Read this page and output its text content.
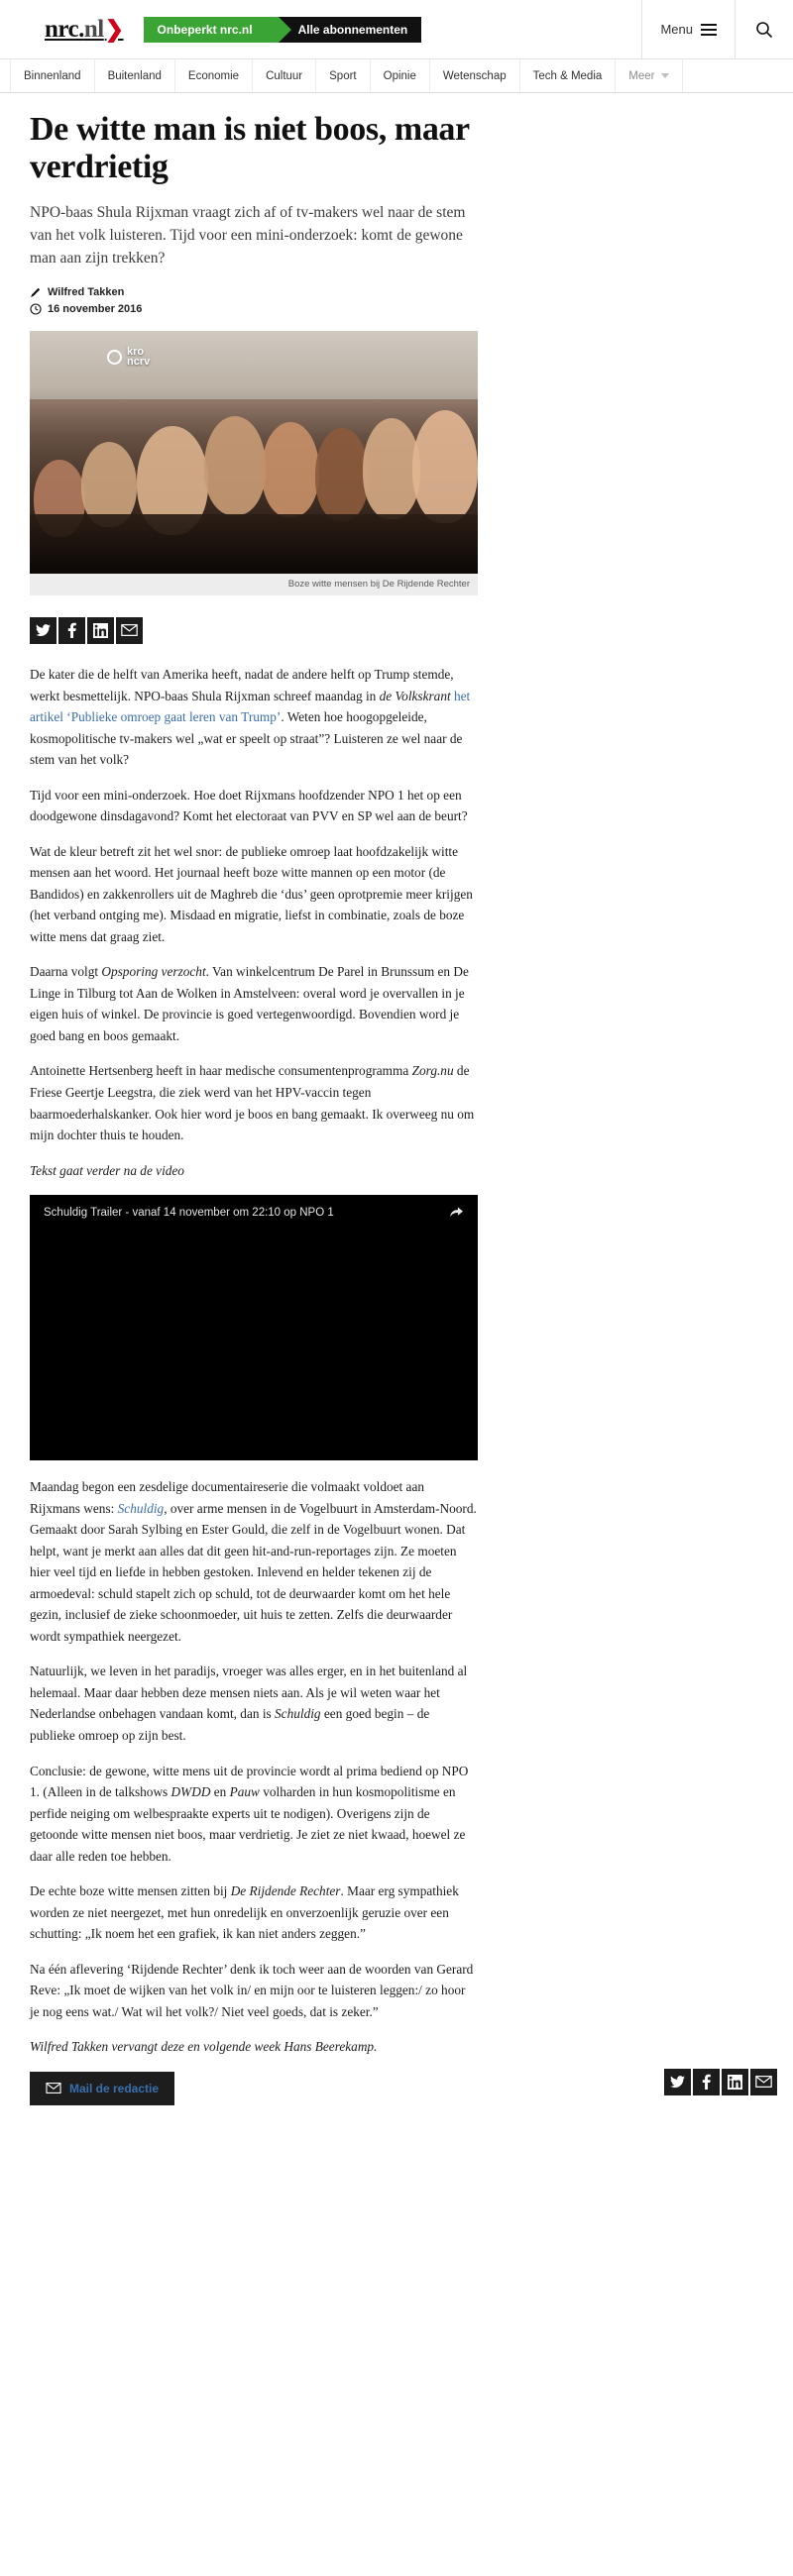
nrc. nl ❯	Onbeperkt nrc.nl	Alle abonnementen	Menu
Binnenland Buitenland Economie Cultuur Sport Opinie Wetenschap Tech & Media Meer
De witte man is niet boos, maar verdrietig

NPO-baas Shula Rijxman vraagt zich af of tv-makers wel naar de stem van het volk luisteren. Tijd voor een mini-onderzoek: komt de gewone man aan zijn trekken?

Wilfred Takken
16 november 2016
kro
ncrv
Boze witte mensen bij De Rijdende Rechter

De kater die de helft van Amerika heeft, nadat de andere helft op Trump stemde, werkt besmettelijk. NPO-baas Shula Rijxman schreef maandag in de Volkskrant het artikel ‘Publieke omroep gaat leren van Trump’. Weten hoe hoogopgeleide, kosmopolitische tv-makers wel „wat er speelt op straat”? Luisteren ze wel naar de stem van het volk?

Tijd voor een mini-onderzoek. Hoe doet Rijxmans hoofdzender NPO 1 het op een doodgewone dinsdagavond? Komt het electoraat van PVV en SP wel aan de beurt?

Wat de kleur betreft zit het wel snor: de publieke omroep laat hoofdzakelijk witte mensen aan het woord. Het journaal heeft boze witte mannen op een motor (de Bandidos) en zakkenrollers uit de Maghreb die ‘dus’ geen oprotpremie meer krijgen (het verband ontging me). Misdaad en migratie, liefst in combinatie, zoals de boze witte mens dat graag ziet.

Daarna volgt Opsporing verzocht. Van winkelcentrum De Parel in Brunssum en De Linge in Tilburg tot Aan de Wolken in Amstelveen: overal word je overvallen in je eigen huis of winkel. De provincie is goed vertegenwoordigd. Bovendien word je goed bang en boos gemaakt.

Antoinette Hertsenberg heeft in haar medische consumentenprogramma Zorg.nu de Friese Geertje Leegstra, die ziek werd van het HPV-vaccin tegen baarmoederhalskanker. Ook hier word je boos en bang gemaakt. Ik overweeg nu om mijn dochter thuis te houden.

Tekst gaat verder na de video

Schuldig Trailer - vanaf 14 november om 22:10 op NPO 1

Maandag begon een zesdelige documentaireserie die volmaakt voldoet aan Rijxmans wens: Schuldig, over arme mensen in de Vogelbuurt in Amsterdam-Noord. Gemaakt door Sarah Sylbing en Ester Gould, die zelf in de Vogelbuurt wonen. Dat helpt, want je merkt aan alles dat dit geen hit-and-run-reportages zijn. Ze moeten hier veel tijd en liefde in hebben gestoken. Inlevend en helder tekenen zij de armoedeval: schuld stapelt zich op schuld, tot de deurwaarder komt om het hele gezin, inclusief de zieke schoonmoeder, uit huis te zetten. Zelfs die deurwaarder wordt sympathiek neergezet.

Natuurlijk, we leven in het paradijs, vroeger was alles erger, en in het buitenland al helemaal. Maar daar hebben deze mensen niets aan. Als je wil weten waar het Nederlandse onbehagen vandaan komt, dan is Schuldig een goed begin – de publieke omroep op zijn best.

Conclusie: de gewone, witte mens uit de provincie wordt al prima bediend op NPO 1. (Alleen in de talkshows DWDD en Pauw volharden in hun kosmopolitisme en perfide neiging om welbespraakte experts uit te nodigen). Overigens zijn de getoonde witte mensen niet boos, maar verdrietig. Je ziet ze niet kwaad, hoewel ze daar alle reden toe hebben.

De echte boze witte mensen zitten bij De Rijdende Rechter. Maar erg sympathiek worden ze niet neergezet, met hun onredelijk en onverzoenlijk geruzie over een schutting: „Ik noem het een grafiek, ik kan niet anders zeggen.”

Na één aflevering ‘Rijdende Rechter’ denk ik toch weer aan de woorden van Gerard Reve: „Ik moet de wijken van het volk in/ en mijn oor te luisteren leggen:/ zo hoor je nog eens wat./ Wat wil het volk?/ Niet veel goeds, dat is zeker.”

Wilfred Takken vervangt deze en volgende week Hans Beerekamp.

Mail de redactie
